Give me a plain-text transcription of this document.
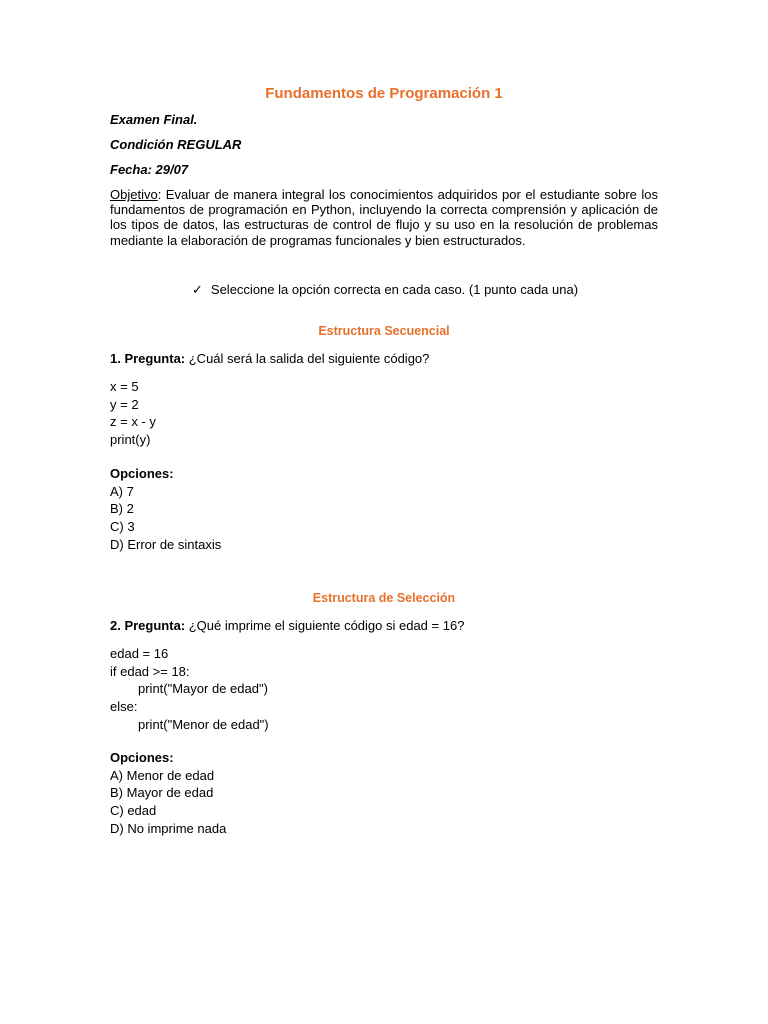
Fundamentos de Programación 1
Examen Final.
Condición REGULAR
Fecha: 29/07
Objetivo: Evaluar de manera integral los conocimientos adquiridos por el estudiante sobre los fundamentos de programación en Python, incluyendo la correcta comprensión y aplicación de los tipos de datos, las estructuras de control de flujo y su uso en la resolución de problemas mediante la elaboración de programas funcionales y bien estructurados.
✓ Seleccione la opción correcta en cada caso. (1 punto cada una)
Estructura Secuencial
1. Pregunta: ¿Cuál será la salida del siguiente código?
x = 5
y = 2
z = x - y
print(y)
Opciones:
A) 7
B) 2
C) 3
D) Error de sintaxis
Estructura de Selección
2. Pregunta: ¿Qué imprime el siguiente código si edad = 16?
edad = 16
if edad >= 18:
print("Mayor de edad")
else:
print("Menor de edad")
Opciones:
A) Menor de edad
B) Mayor de edad
C) edad
D) No imprime nada
